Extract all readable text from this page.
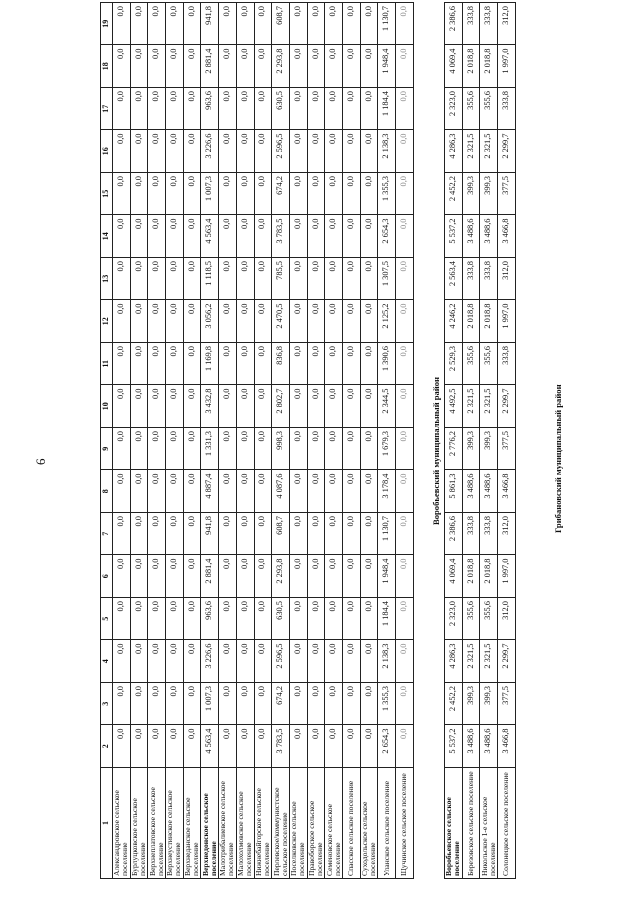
6
1	2	3	4	5	6	7	8	9	10	11	12	13	14	15	16	17	18	19
Александровское сельское поселение	0,0	0,0	0,0	0,0	0,0	0,0	0,0	0,0	0,0	0,0	0,0	0,0	0,0	0,0	0,0	0,0	0,0	0,0
Бурлуцковское сельское поселение	0,0	0,0	0,0	0,0	0,0	0,0	0,0	0,0	0,0	0,0	0,0	0,0	0,0	0,0	0,0	0,0	0,0	0,0
Верхнеплатовское сельское поселение	0,0	0,0	0,0	0,0	0,0	0,0	0,0	0,0	0,0	0,0	0,0	0,0	0,0	0,0	0,0	0,0	0,0	0,0
Верхнеустинское сельское поселение	0,0	0,0	0,0	0,0	0,0	0,0	0,0	0,0	0,0	0,0	0,0	0,0	0,0	0,0	0,0	0,0	0,0	0,0
Верхнеданское сельское поселение	0,0	0,0	0,0	0,0	0,0	0,0	0,0	0,0	0,0	0,0	0,0	0,0	0,0	0,0	0,0	0,0	0,0	0,0
Верхнедонское сельское поселение	4 563,4	1 007,3	3 226,6	963,6	2 881,4	941,8	4 887,4	1 331,3	3 432,8	1 169,8	3 056,2	1 118,5	4 563,4	1 007,3	3 226,6	963,6	2 881,4	941,8
Малотрибалиевское сельское поселение	0,0	0,0	0,0	0,0	0,0	0,0	0,0	0,0	0,0	0,0	0,0	0,0	0,0	0,0	0,0	0,0	0,0	0,0
Малохолмовское сельское поселение	0,0	0,0	0,0	0,0	0,0	0,0	0,0	0,0	0,0	0,0	0,0	0,0	0,0	0,0	0,0	0,0	0,0	0,0
Нижнебайгорское сельское поселение	0,0	0,0	0,0	0,0	0,0	0,0	0,0	0,0	0,0	0,0	0,0	0,0	0,0	0,0	0,0	0,0	0,0	0,0
Перлевское/коммунистское сельское поселение	3 783,5	674,2	2 596,5	630,5	2 293,8	608,7	4 087,6	998,3	2 802,7	836,8	2 470,5	785,5	3 783,5	674,2	2 596,5	630,5	2 293,8	608,7
Поселковское сельское поселение	0,0	0,0	0,0	0,0	0,0	0,0	0,0	0,0	0,0	0,0	0,0	0,0	0,0	0,0	0,0	0,0	0,0	0,0
Правоборское сельское поселение	0,0	0,0	0,0	0,0	0,0	0,0	0,0	0,0	0,0	0,0	0,0	0,0	0,0	0,0	0,0	0,0	0,0	0,0
Семеновское сельское поселение	0,0	0,0	0,0	0,0	0,0	0,0	0,0	0,0	0,0	0,0	0,0	0,0	0,0	0,0	0,0	0,0	0,0	0,0
Спасское сельское поселение	0,0	0,0	0,0	0,0	0,0	0,0	0,0	0,0	0,0	0,0	0,0	0,0	0,0	0,0	0,0	0,0	0,0	0,0
Суходольское сельское поселение	0,0	0,0	0,0	0,0	0,0	0,0	0,0	0,0	0,0	0,0	0,0	0,0	0,0	0,0	0,0	0,0	0,0	0,0
Уланское сельское поселение	2 654,3	1 355,3	2 138,3	1 184,4	1 948,4	1 130,7	3 178,4	1 679,3	2 344,5	1 390,6	2 125,2	1 307,5	2 654,3	1 355,3	2 138,3	1 184,4	1 948,4	1 130,7
Щучинское сельское поселение	0,0	0,0	0,0	0,0	0,0	0,0	0,0	0,0	0,0	0,0	0,0	0,0	0,0	0,0	0,0	0,0	0,0	0,0
Воробьевский муниципальный район
Воробьевское сельское поселение	5 537,2	2 452,2	4 286,3	2 323,0	4 069,4	2 386,6	5 861,3	2 776,2	4 492,5	2 529,3	4 246,2	2 563,4	5 537,2	2 452,2	4 286,3	2 323,0	4 069,4	2 386,6
Березовское сельское поселение	3 488,6	399,3	2 321,5	355,6	2 018,8	333,8	3 488,6	399,3	2 321,5	355,6	2 018,8	333,8	3 488,6	399,3	2 321,5	355,6	2 018,8	333,8
Никольское 1-е сельское поселение	3 488,6	399,3	2 321,5	355,6	2 018,8	333,8	3 488,6	399,3	2 321,5	355,6	2 018,8	333,8	3 488,6	399,3	2 321,5	355,6	2 018,8	333,8
Солонецкое сельское поселение	3 466,8	377,5	2 299,7	312,0	1 997,0	312,0	3 466,8	377,5	2 299,7	333,8	1 997,0	312,0	3 466,8	377,5	2 299,7	333,8	1 997,0	312,0
Грибановский муниципальный район
